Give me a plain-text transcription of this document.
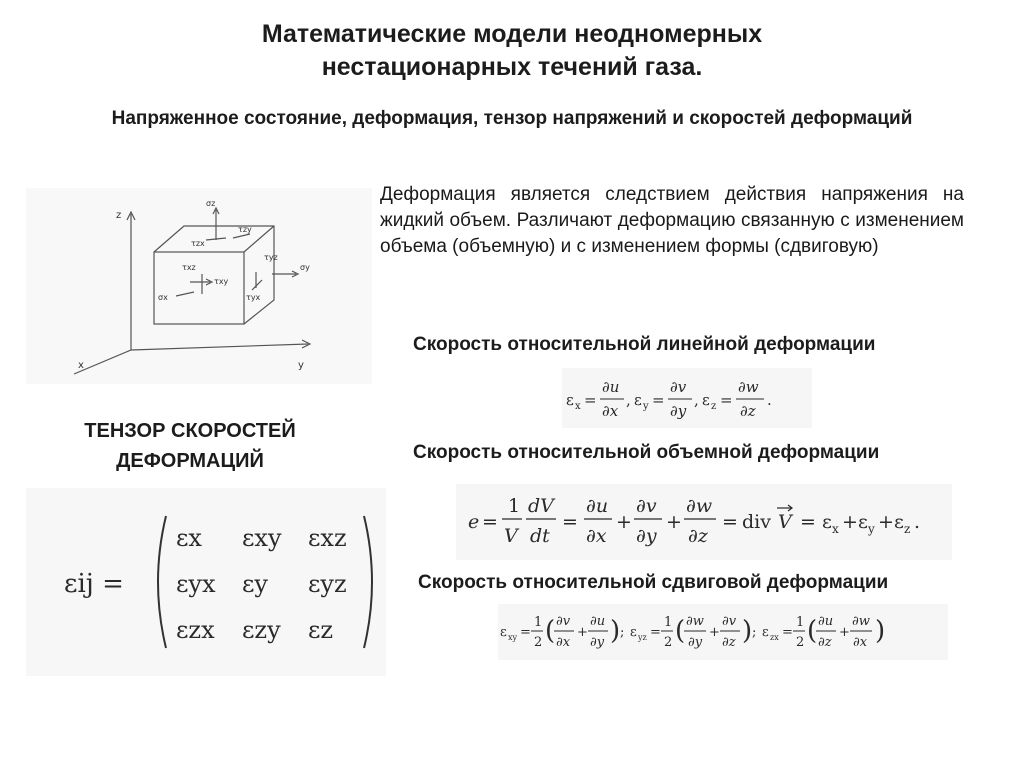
Математические модели неодномерных
нестационарных течений газа.
Напряженное состояние, деформация, тензор напряжений и скоростей деформаций
z
y
x
σz
τzx
τzy
τxz
τxy
τyz
σy
σx	τyx
Деформация является следствием действия напряжения на жидкий объем. Различают деформацию связанную с изменением объема (объемную) и с изменением формы (сдвиговую)
Скорость относительной линейной деформации
Скорость относительной объемной деформации
Скорость относительной сдвиговой деформации
ТЕНЗОР СКОРОСТЕЙ
ДЕФОРМАЦИЙ
ε x =
∂u
∂x
, ε y =
∂v
∂y
, ε z =
∂w
∂z
.
e =
1
V
dV
dt
=
∂u
∂x
+
∂v
∂y
+
∂w
∂z
= div V = ε x + ε y + ε z .
ε xy =
1
2 ( ∂v
∂x
+
∂u
∂y ) ; ε yz =
1
2 ( ∂w
∂y
+
∂v
∂z ) ; ε zx =
1
2 ( ∂u
∂z
+
∂w
∂x )
εij =
εx εxy εxz
εyx εy εyz
εzx εzy εz
